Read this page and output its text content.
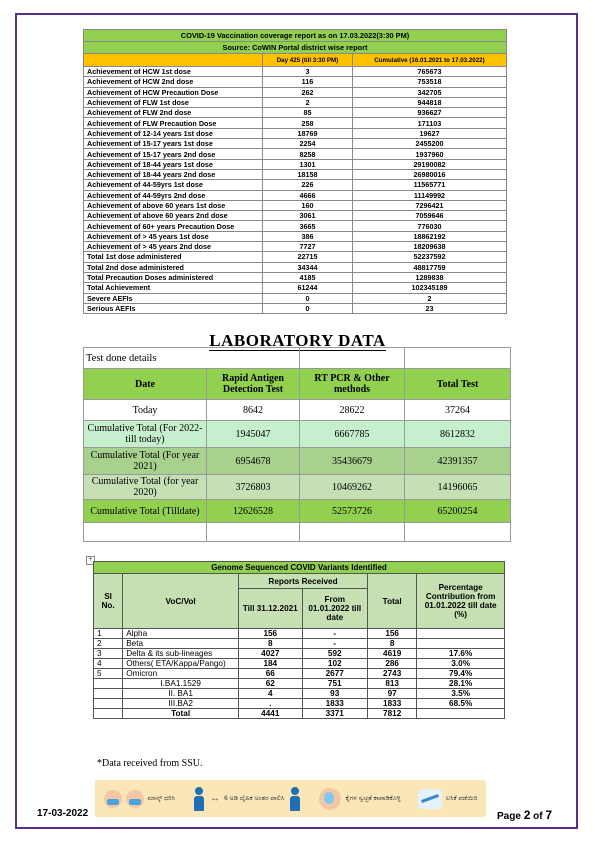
COVID-19 Vaccination coverage report as on 17.03.2022(3:30 PM)		

Source: CoWIN Portal district wise report		

	Day 425 (till 3:30 PM)	Cumulative (16.01.2021 to 17.03.2022)
Achievement of HCW 1st dose	3	765673
Achievement of HCW 2nd dose	116	753518
Achievement of HCW Precaution Dose	262	342705
Achievement of FLW 1st dose	2	944818
Achievement of FLW 2nd dose	85	936627
Achievement of FLW Precaution Dose	258	171103
Achievement of 12-14 years 1st dose	18769	19627
Achievement of 15-17 years 1st dose	2254	2455200
Achievement of 15-17 years 2nd dose	8258	1937960
Achievement of 18-44 years 1st dose	1301	29190082
Achievement of 18-44 years 2nd dose	18158	26980016
Achievement of 44-59yrs 1st dose	226	11565771
Achievement of 44-59yrs 2nd dose	4666	11149992
Achievement of above 60 years 1st dose	160	7296421
Achievement of above 60 years 2nd dose	3061	7059646
Achievement of 60+ years Precaution Dose	3665	776030
Achievement of > 45 years 1st dose	386	18862192
Achievement of > 45 years 2nd dose	7727	18209638
Total 1st dose administered	22715	52237592
Total 2nd dose administered	34344	48817759
Total Precaution Doses administered	4185	1289838
Total Achievement	61244	102345189
Severe AEFIs	0	2
Serious AEFIs	0	23
LABORATORY DATA
Test done details			
Date	Rapid Antigen Detection Test	RT PCR & Other methods	Total Test
Today	8642	28622	37264
Cumulative Total (For 2022- till today)	1945047	6667785	8612832
Cumulative Total (For year 2021)	6954678	35436679	42391357
Cumulative Total (for year 2020)	3726803	10469262	14196065
Cumulative Total (Tilldate)	12626528	52573726	65200254

+
Genome Sequenced COVID Variants Identified					
Sl No.	VoC/VoI	Reports Received		Total	Percentage Contribution from 01.01.2022 till date (%)
		Till 31.12.2021	From 01.01.2022 till date		

1	Alpha	156	-	156	
2	Beta	8	-	8	
3	Delta & its sub-lineages	4027	592	4619	17.6%
4	Others( ETA/Kappa/Pango)	184	102	286	3.0%
5	Omicron	66	2677	2743	79.4%
	I.BA1.1529	62	751	813	28.1%
	II. BA1	4	93	97	3.5%
	III.BA2	.	1833	1833	68.5%
	Total	4441	3371	7812	
*Data received from SSU.
ಮಾಸ್ಕ್ ಧರಿಸಿ	↔ 6 ಅಡಿ ದೈಹಿಕ ಅಂತರ ಪಾಲಿಸಿ	ಕೈಗಳ ಸ್ವಚ್ಛತೆ ಕಾಪಾಡಿಕೊಳ್ಳಿ	ಲಸಿಕೆ ಪಡೆಯಿರಿ
17-03-2022	Page 2 of 7
